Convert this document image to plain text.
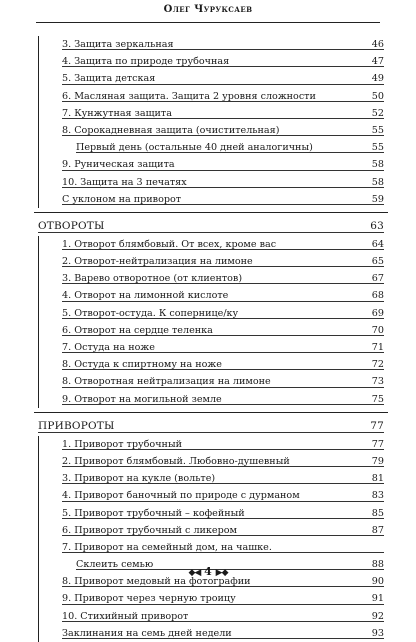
Олег Чуруксаев
3. Защита зеркальная	46
4. Защита по природе трубочная	47
5. Защита детская	49
6. Масляная защита. Защита 2 уровня сложности	50
7. Кунжутная защита	52
8. Сорокадневная защита (очистительная)	55
Первый день (остальные 40 дней аналогичны)	55
9. Руническая защита	58
10. Защита на 3 печатях	58
С уклоном на приворот	59
ОТВОРОТЫ	63
1. Отворот блямбовый. От всех, кроме вас	64
2. Отворот-нейтрализация на лимоне	65
3. Варево отворотное (от клиентов)	67
4. Отворот на лимонной кислоте	68
5. Отворот-остуда. К сопернице/ку	69
6. Отворот на сердце теленка	70
7. Остуда на ноже	71
8. Остуда к спиртному на ноже	72
8. Отворотная нейтрализация на лимоне	73
9. Отворот на могильной земле	75
ПРИВОРОТЫ	77
1. Приворот трубочный	77
2. Приворот блямбовый. Любовно-душевный	79
3. Приворот на кукле (вольте)	81
4. Приворот баночный по природе с дурманом	83
5. Приворот трубочный – кофейный	85
6. Приворот трубочный с ликером	87
7. Приворот на семейный дом, на чашке.
Склеить семью	88
8. Приворот медовый на фотографии	90
9. Приворот через черную троицу	91
10. Стихийный приворот	92
Заклинания на семь дней недели	93
◆◀ 4 ▶◆
